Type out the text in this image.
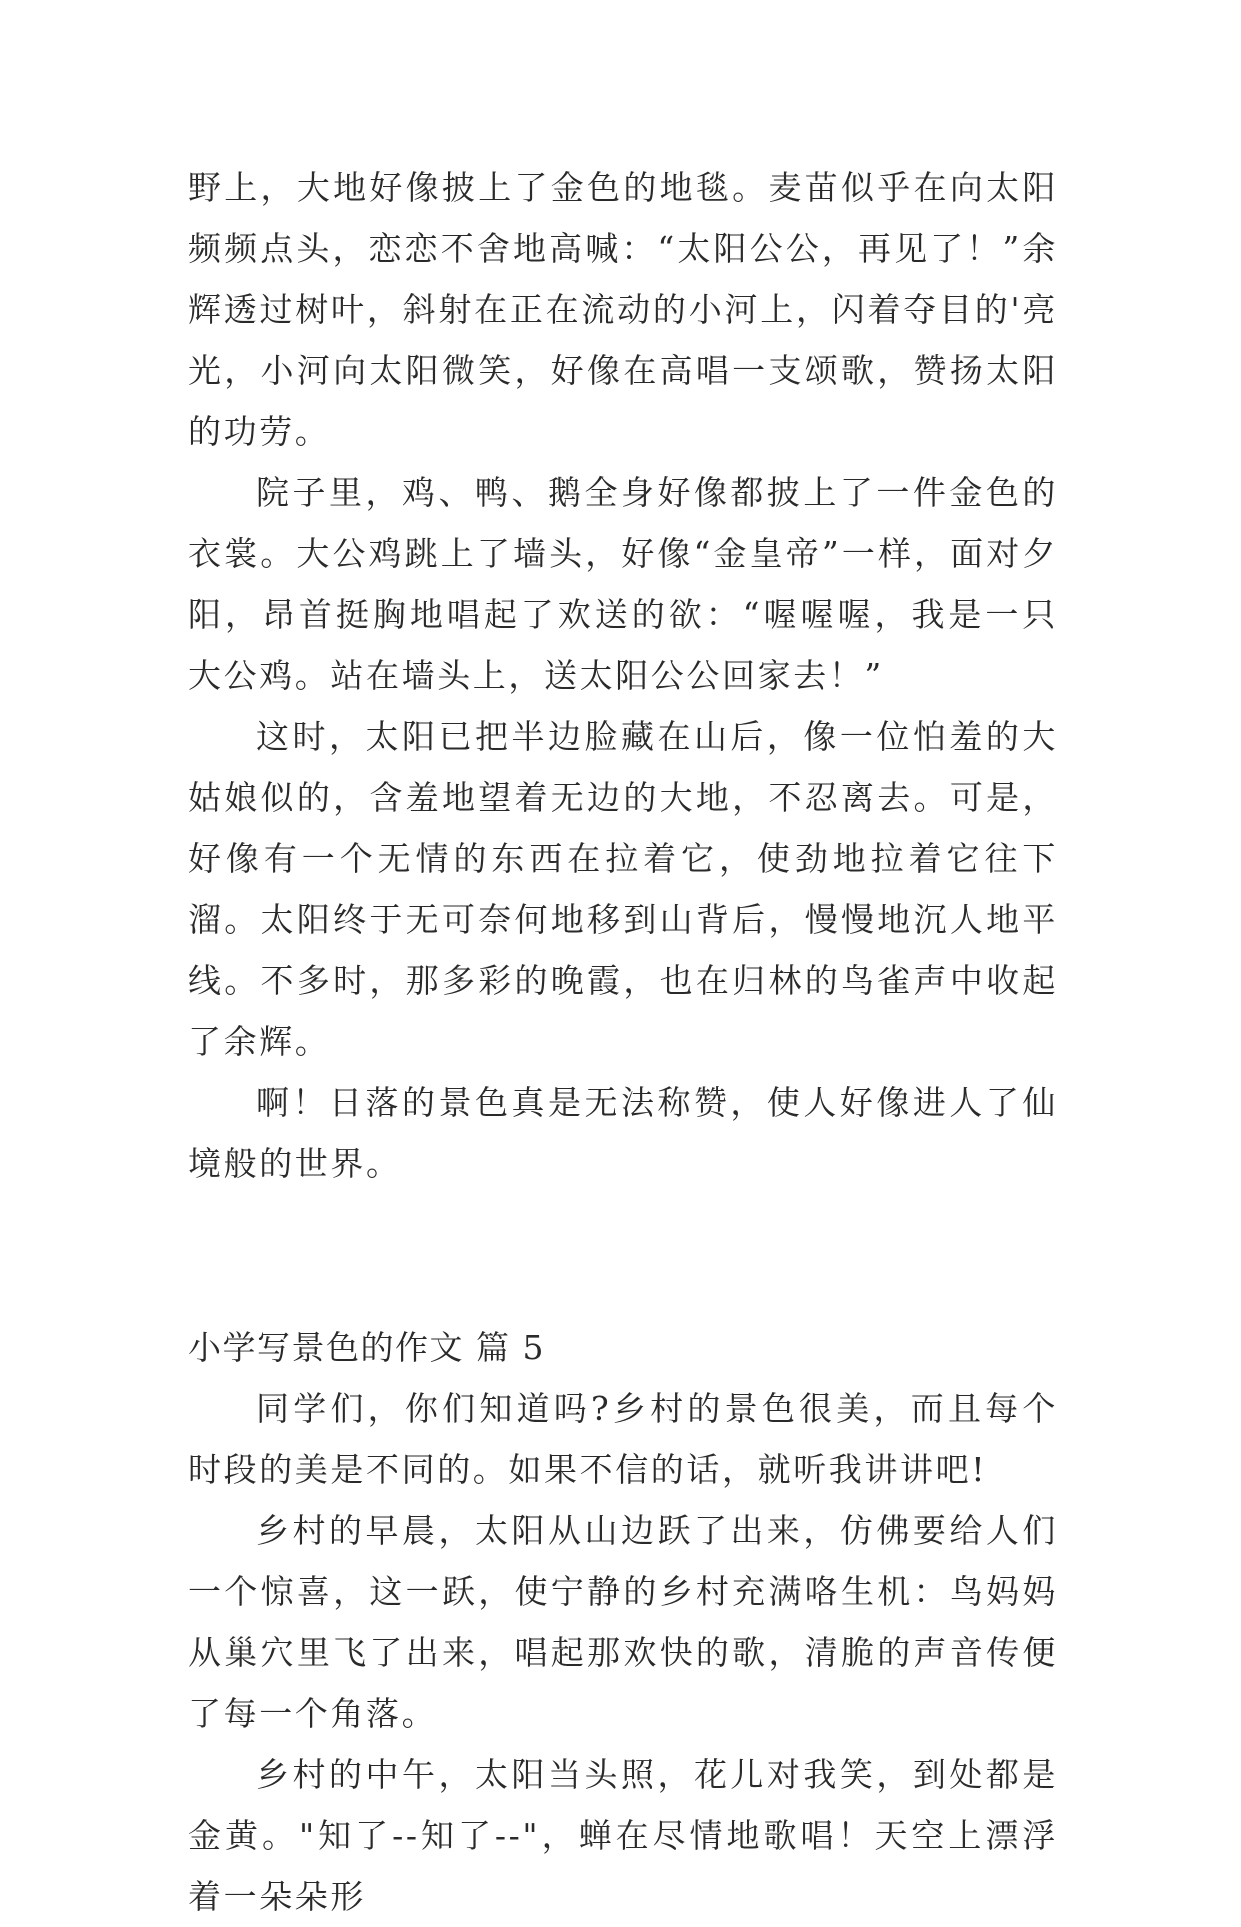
野上，大地好像披上了金色的地毯。麦苗似乎在向太阳频频点头，恋恋不舍地高喊：“太阳公公，再见了！”余辉透过树叶，斜射在正在流动的小河上，闪着夺目的'亮光，小河向太阳微笑，好像在高唱一支颂歌，赞扬太阳的功劳。

院子里，鸡、鸭、鹅全身好像都披上了一件金色的衣裳。大公鸡跳上了墙头，好像“金皇帝”一样，面对夕阳，昂首挺胸地唱起了欢送的欲：“喔喔喔，我是一只大公鸡。站在墙头上，送太阳公公回家去！”

这时，太阳已把半边脸藏在山后，像一位怕羞的大姑娘似的，含羞地望着无边的大地，不忍离去。可是，好像有一个无情的东西在拉着它，使劲地拉着它往下溜。太阳终于无可奈何地移到山背后，慢慢地沉人地平线。不多时，那多彩的晚霞，也在归林的鸟雀声中收起了余辉。

啊！日落的景色真是无法称赞，使人好像进人了仙境般的世界。

小学写景色的作文 篇 5

同学们，你们知道吗?乡村的景色很美，而且每个时段的美是不同的。如果不信的话，就听我讲讲吧!

乡村的早晨，太阳从山边跃了出来，仿佛要给人们一个惊喜，这一跃，使宁静的乡村充满咯生机：鸟妈妈从巢穴里飞了出来，唱起那欢快的歌，清脆的声音传便了每一个角落。

乡村的中午，太阳当头照，花儿对我笑，到处都是金黄。"知了--知了--"，蝉在尽情地歌唱！天空上漂浮着一朵朵形
